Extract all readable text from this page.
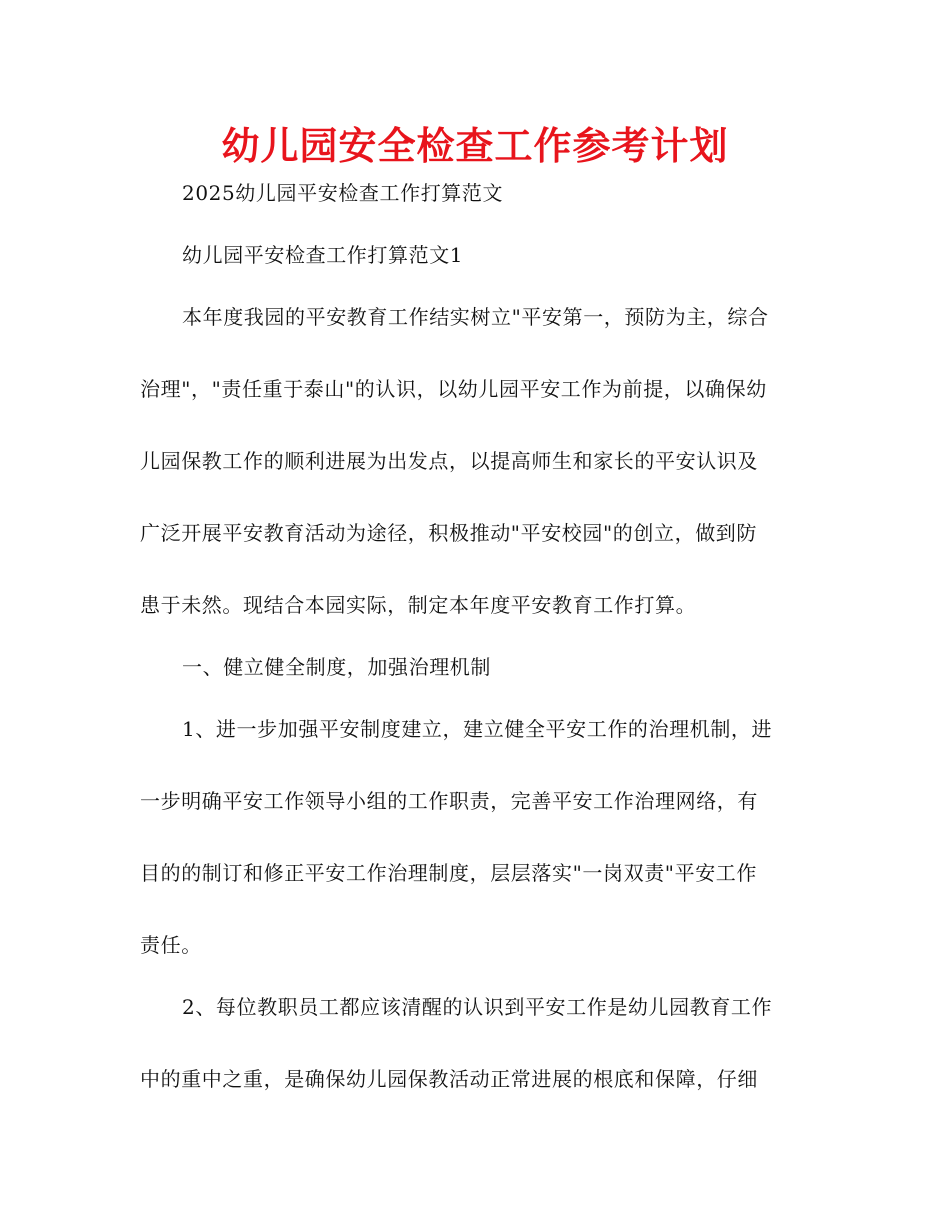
幼儿园安全检查工作参考计划
2025幼儿园平安检查工作打算范文
幼儿园平安检查工作打算范文1
本年度我园的平安教育工作结实树立"平安第一，预防为主，综合
治理"，"责任重于泰山"的认识，以幼儿园平安工作为前提，以确保幼
儿园保教工作的顺利进展为出发点，以提高师生和家长的平安认识及
广泛开展平安教育活动为途径，积极推动"平安校园"的创立，做到防
患于未然。现结合本园实际，制定本年度平安教育工作打算。
一、健立健全制度，加强治理机制
1、进一步加强平安制度建立，建立健全平安工作的治理机制，进
一步明确平安工作领导小组的工作职责，完善平安工作治理网络，有
目的的制订和修正平安工作治理制度，层层落实"一岗双责"平安工作
责任。
2、每位教职员工都应该清醒的认识到平安工作是幼儿园教育工作
中的重中之重，是确保幼儿园保教活动正常进展的根底和保障，仔细
